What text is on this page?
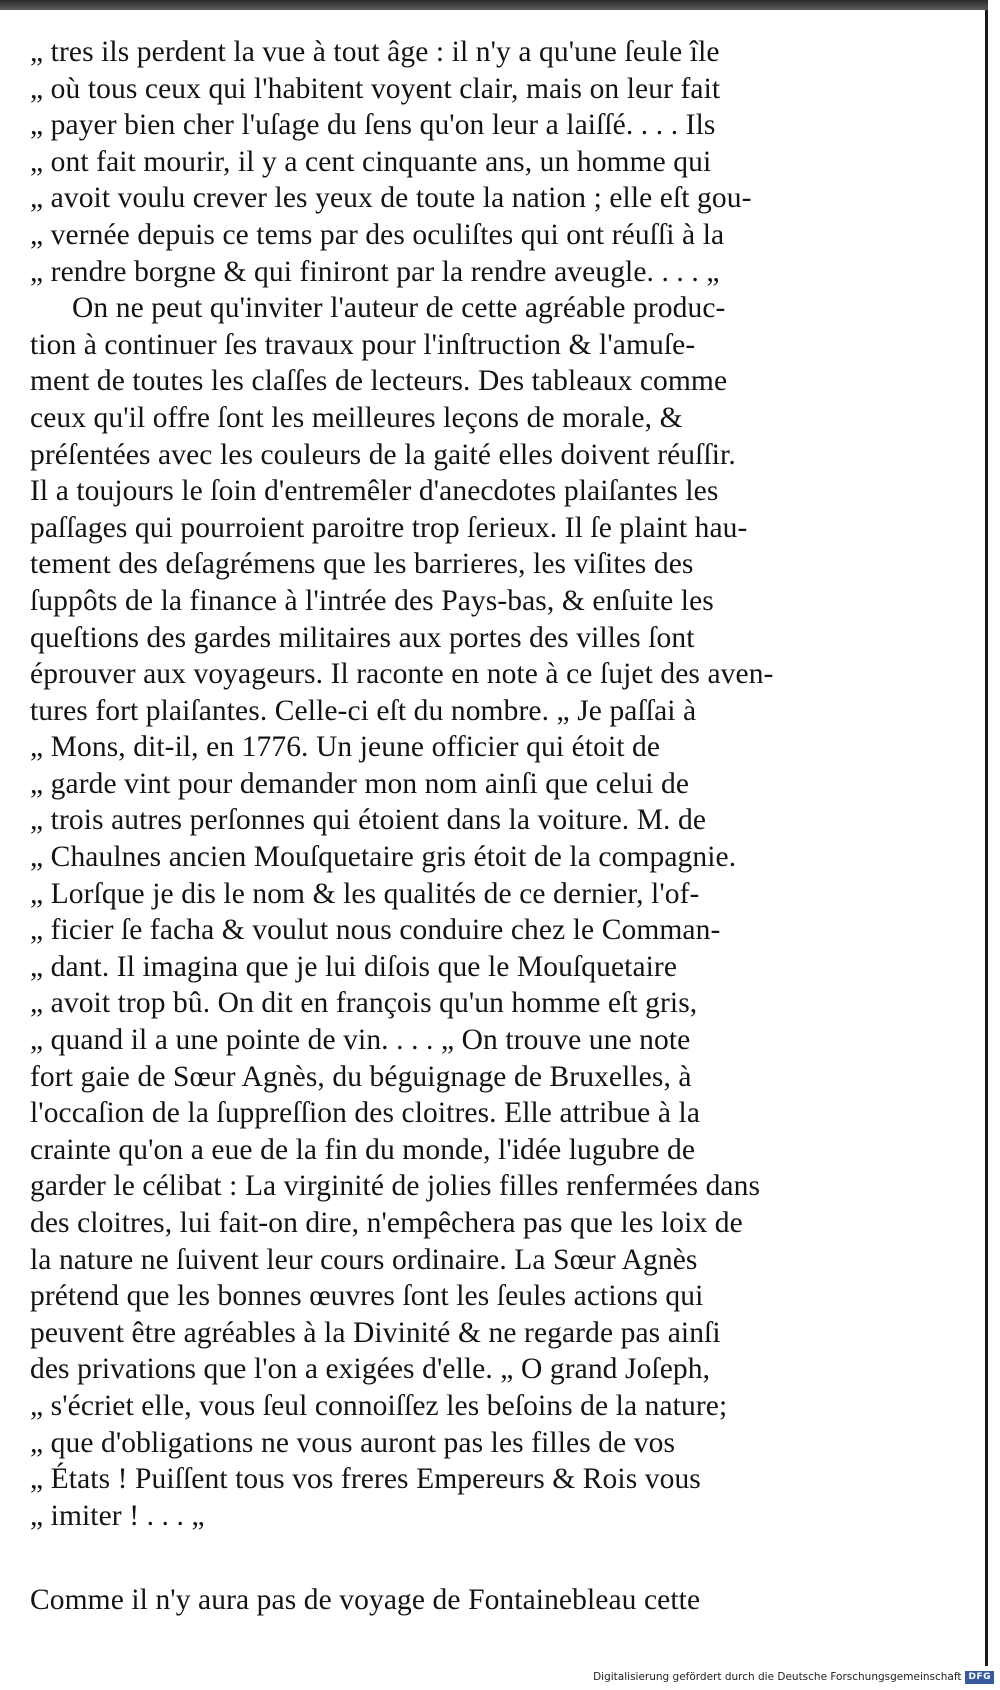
„ tres ils perdent la vue à tout âge : il n'y a qu'une ſeule île
„ où tous ceux qui l'habitent voyent clair, mais on leur fait
„ payer bien cher l'uſage du ſens qu'on leur a laiſſé. . . . Ils
„ ont fait mourir, il y a cent cinquante ans, un homme qui
„ avoit voulu crever les yeux de toute la nation ; elle eſt gou-
„ vernée depuis ce tems par des oculiſtes qui ont réuſſi à la
„ rendre borgne & qui finiront par la rendre aveugle. . . . „
On ne peut qu'inviter l'auteur de cette agréable produc-
tion à continuer ſes travaux pour l'inſtruction & l'amuſe-
ment de toutes les claſſes de lecteurs. Des tableaux comme
ceux qu'il offre ſont les meilleures leçons de morale, &
préſentées avec les couleurs de la gaité elles doivent réuſſir.
Il a toujours le ſoin d'entremêler d'anecdotes plaiſantes les
paſſages qui pourroient paroitre trop ſerieux. Il ſe plaint hau-
tement des deſagrémens que les barrieres, les viſites des
ſuppôts de la finance à l'intrée des Pays-bas, & enſuite les
queſtions des gardes militaires aux portes des villes ſont
éprouver aux voyageurs. Il raconte en note à ce ſujet des aven-
tures fort plaiſantes. Celle-ci eſt du nombre. „ Je paſſai à
„ Mons, dit-il, en 1776. Un jeune officier qui étoit de
„ garde vint pour demander mon nom ainſi que celui de
„ trois autres perſonnes qui étoient dans la voiture. M. de
„ Chaulnes ancien Mouſquetaire gris étoit de la compagnie.
„ Lorſque je dis le nom & les qualités de ce dernier, l'of-
„ ficier ſe facha & voulut nous conduire chez le Comman-
„ dant. Il imagina que je lui diſois que le Mouſquetaire
„ avoit trop bû. On dit en françois qu'un homme eſt gris,
„ quand il a une pointe de vin. . . . „ On trouve une note
fort gaie de Sœur Agnès, du béguignage de Bruxelles, à
l'occaſion de la ſuppreſſion des cloitres. Elle attribue à la
crainte qu'on a eue de la fin du monde, l'idée lugubre de
garder le célibat : La virginité de jolies filles renfermées dans
des cloitres, lui fait-on dire, n'empêchera pas que les loix de
la nature ne ſuivent leur cours ordinaire. La Sœur Agnès
prétend que les bonnes œuvres ſont les ſeules actions qui
peuvent être agréables à la Divinité & ne regarde pas ainſi
des privations que l'on a exigées d'elle. „ O grand Joſeph,
„ s'écriet elle, vous ſeul connoiſſez les beſoins de la nature;
„ que d'obligations ne vous auront pas les filles de vos
„ États ! Puiſſent tous vos freres Empereurs & Rois vous
„ imiter ! . . . „
Comme il n'y aura pas de voyage de Fontainebleau cette
Digitalisierung gefördert durch die Deutsche Forschungsgemeinschaft DFG
